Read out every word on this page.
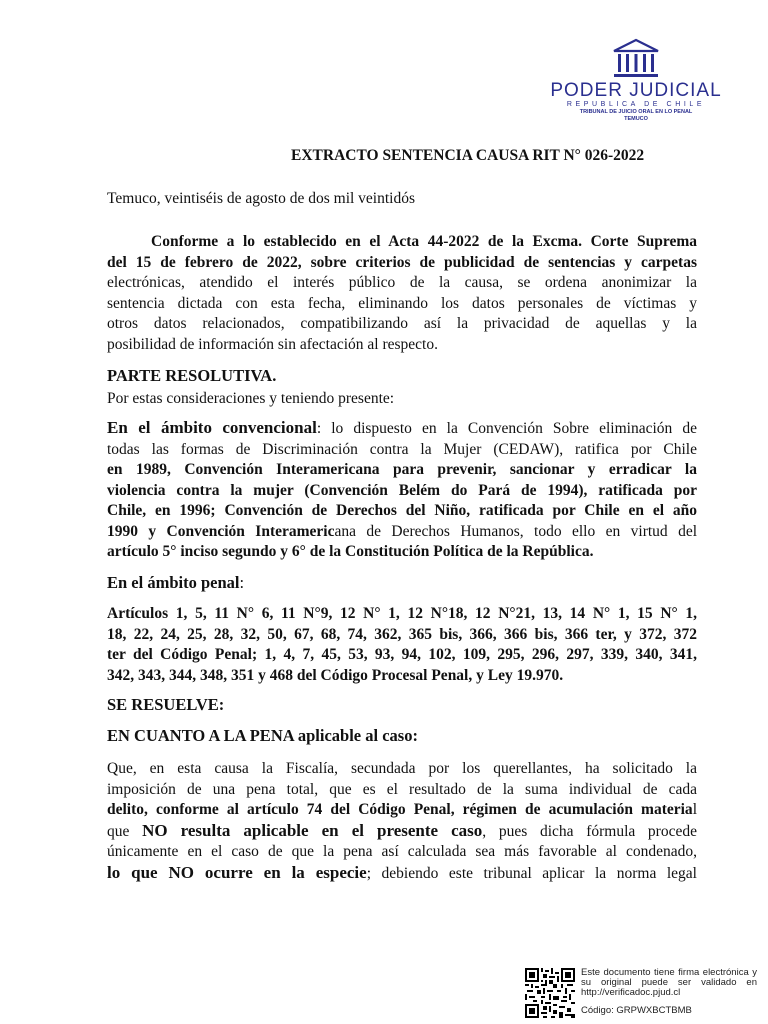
PODER JUDICIAL
REPUBLICA DE CHILE
TRIBUNAL DE JUICIO ORAL EN LO PENAL
TEMUCO
EXTRACTO SENTENCIA CAUSA RIT N° 026-2022
Temuco, veintiséis de agosto de dos mil veintidós
Conforme a lo establecido en el Acta 44-2022 de la Excma. Corte Suprema
del 15 de febrero de 2022, sobre criterios de publicidad de sentencias y carpetas
electrónicas, atendido el interés público de la causa, se ordena anonimizar la
sentencia dictada con esta fecha, eliminando los datos personales de víctimas y
otros datos relacionados, compatibilizando así la privacidad de aquellas y la
posibilidad de información sin afectación al respecto.
PARTE RESOLUTIVA.
Por estas consideraciones y teniendo presente:
En el ámbito convencional: lo dispuesto en la Convención Sobre eliminación de
todas las formas de Discriminación contra la Mujer (CEDAW), ratifica por Chile
en 1989, Convención Interamericana para prevenir, sancionar y erradicar la
violencia contra la mujer (Convención Belém do Pará de 1994), ratificada por
Chile, en 1996; Convención de Derechos del Niño, ratificada por Chile en el año
1990 y Convención Interamericana de Derechos Humanos, todo ello en virtud del
artículo 5° inciso segundo y 6° de la Constitución Política de la República.
En el ámbito penal:
Artículos 1, 5, 11 N° 6, 11 N°9, 12 N° 1, 12 N°18, 12 N°21, 13, 14 N° 1, 15 N° 1,
18, 22, 24, 25, 28, 32, 50, 67, 68, 74, 362, 365 bis, 366, 366 bis, 366 ter, y 372, 372
ter del Código Penal; 1, 4, 7, 45, 53, 93, 94, 102, 109, 295, 296, 297, 339, 340, 341,
342, 343, 344, 348, 351 y 468 del Código Procesal Penal, y Ley 19.970.
SE RESUELVE:
EN CUANTO A LA PENA aplicable al caso:
Que, en esta causa la Fiscalía, secundada por los querellantes, ha solicitado la
imposición de una pena total, que es el resultado de la suma individual de cada
delito, conforme al artículo 74 del Código Penal, régimen de acumulación material
que NO resulta aplicable en el presente caso, pues dicha fórmula procede
únicamente en el caso de que la pena así calculada sea más favorable al condenado,
lo que NO ocurre en la especie; debiendo este tribunal aplicar la norma legal
Este documento tiene firma electrónica y su original puede ser validado en http://verificadoc.pjud.cl
Código: GRPWXBCTBMB
